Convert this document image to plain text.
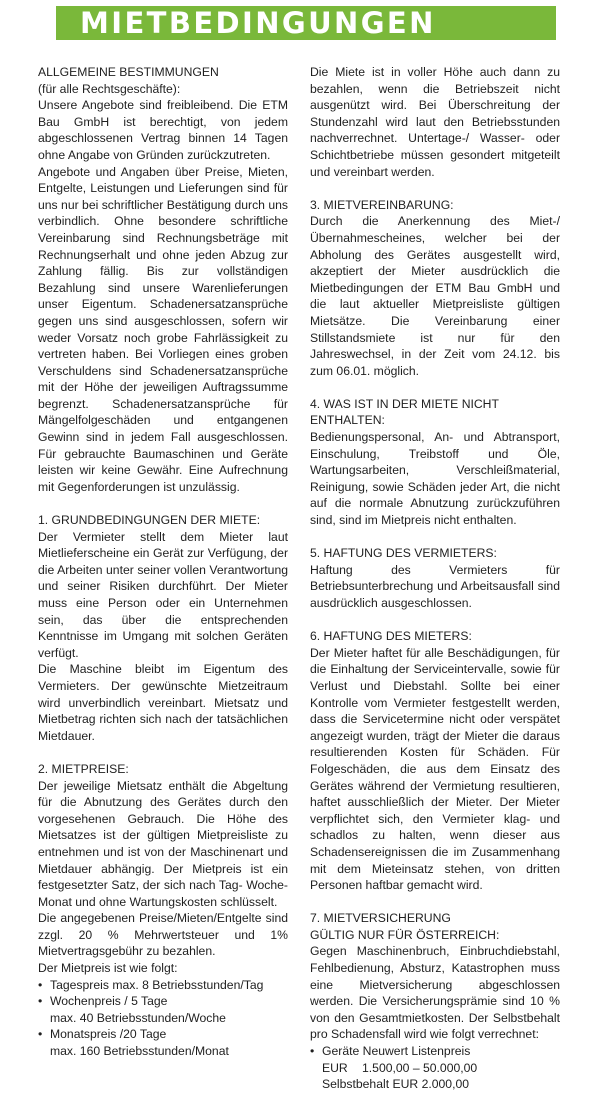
MIETBEDINGUNGEN

ALLGEMEINE BESTIMMUNGEN

(für alle Rechtsgeschäfte):

Unsere Angebote sind freibleibend. Die ETM Bau GmbH ist berechtigt, von jedem abgeschlossenen Vertrag binnen 14 Tagen ohne Angabe von Gründen zurückzutreten.

Angebote und Angaben über Preise, Mieten, Entgelte, Leistungen und Lieferungen sind für uns nur bei schriftlicher Bestätigung durch uns verbindlich. Ohne besondere schriftliche Vereinbarung sind Rechnungsbeträge mit Rechnungserhalt und ohne jeden Abzug zur Zahlung fällig. Bis zur vollständigen Bezahlung sind unsere Warenlieferungen unser Eigentum. Schadenersatzansprüche gegen uns sind ausgeschlossen, sofern wir weder Vorsatz noch grobe Fahrlässigkeit zu vertreten haben. Bei Vorliegen eines groben Verschuldens sind Schadenersatzansprüche mit der Höhe der jeweiligen Auftragssumme begrenzt. Schadenersatzansprüche für Mängelfolgeschäden und entgangenen Gewinn sind in jedem Fall ausgeschlossen. Für gebrauchte Baumaschinen und Geräte leisten wir keine Gewähr. Eine Aufrechnung mit Gegenforderungen ist unzulässig.

1. GRUNDBEDINGUNGEN DER MIETE:

Der Vermieter stellt dem Mieter laut Mietlieferscheine ein Gerät zur Verfügung, der die Arbeiten unter seiner vollen Verantwortung und seiner Risiken durchführt. Der Mieter muss eine Person oder ein Unternehmen sein, das über die entsprechenden Kenntnisse im Umgang mit solchen Geräten verfügt.

Die Maschine bleibt im Eigentum des Vermieters. Der gewünschte Mietzeitraum wird unverbindlich vereinbart. Mietsatz und Mietbetrag richten sich nach der tatsächlichen Mietdauer.

2. MIETPREISE:

Der jeweilige Mietsatz enthält die Abgeltung für die Abnutzung des Gerätes durch den vorgesehenen Gebrauch. Die Höhe des Mietsatzes ist der gültigen Mietpreisliste zu entnehmen und ist von der Maschinenart und Mietdauer abhängig. Der Mietpreis ist ein festgesetzter Satz, der sich nach Tag- Woche- Monat und ohne Wartungskosten schlüsselt.

Die angegebenen Preise/Mieten/Entgelte sind zzgl. 20 % Mehrwertsteuer und 1% Mietvertragsgebühr zu bezahlen.

Der Mietpreis ist wie folgt:

• Tagespreis max. 8 Betriebsstunden/Tag
• Wochenpreis / 5 Tage
max. 40 Betriebsstunden/Woche
• Monatspreis /20 Tage
max. 160 Betriebsstunden/Monat

Die Miete ist in voller Höhe auch dann zu bezahlen, wenn die Betriebszeit nicht ausgenützt wird. Bei Überschreitung der Stundenzahl wird laut den Betriebsstunden nachverrechnet. Untertage-/ Wasser- oder Schichtbetriebe müssen gesondert mitgeteilt und vereinbart werden.

3. MIETVEREINBARUNG:

Durch die Anerkennung des Miet-/Übernahmescheines, welcher bei der Abholung des Gerätes ausgestellt wird, akzeptiert der Mieter ausdrücklich die Mietbedingungen der ETM Bau GmbH und die laut aktueller Mietpreisliste gültigen Mietsätze. Die Vereinbarung einer Stillstandsmiete ist nur für den Jahreswechsel, in der Zeit vom 24.12. bis zum 06.01. möglich.

4. WAS IST IN DER MIETE NICHT ENTHALTEN:

Bedienungspersonal, An- und Abtransport, Einschulung, Treibstoff und Öle, Wartungsarbeiten, Verschleißmaterial, Reinigung, sowie Schäden jeder Art, die nicht auf die normale Abnutzung zurückzuführen sind, sind im Mietpreis nicht enthalten.

5. HAFTUNG DES VERMIETERS:

Haftung des Vermieters für Betriebsunterbrechung und Arbeitsausfall sind ausdrücklich ausgeschlossen.

6. HAFTUNG DES MIETERS:

Der Mieter haftet für alle Beschädigungen, für die Einhaltung der Serviceintervalle, sowie für Verlust und Diebstahl. Sollte bei einer Kontrolle vom Vermieter festgestellt werden, dass die Servicetermine nicht oder verspätet angezeigt wurden, trägt der Mieter die daraus resultierenden Kosten für Schäden. Für Folgeschäden, die aus dem Einsatz des Gerätes während der Vermietung resultieren, haftet ausschließlich der Mieter. Der Mieter verpflichtet sich, den Vermieter klag- und schadlos zu halten, wenn dieser aus Schadensereignissen die im Zusammenhang mit dem Mieteinsatz stehen, von dritten Personen haftbar gemacht wird.

7. MIETVERSICHERUNG

GÜLTIG NUR FÜR ÖSTERREICH:

Gegen Maschinenbruch, Einbruchdiebstahl, Fehlbedienung, Absturz, Katastrophen muss eine Mietversicherung abgeschlossen werden. Die Versicherungsprämie sind 10 % von den Gesamtmietkosten. Der Selbstbehalt pro Schadensfall wird wie folgt verrechnet:

• Geräte Neuwert Listenpreis
EUR	1.500,00 – 50.000,00
Selbstbehalt EUR 2.000,00
